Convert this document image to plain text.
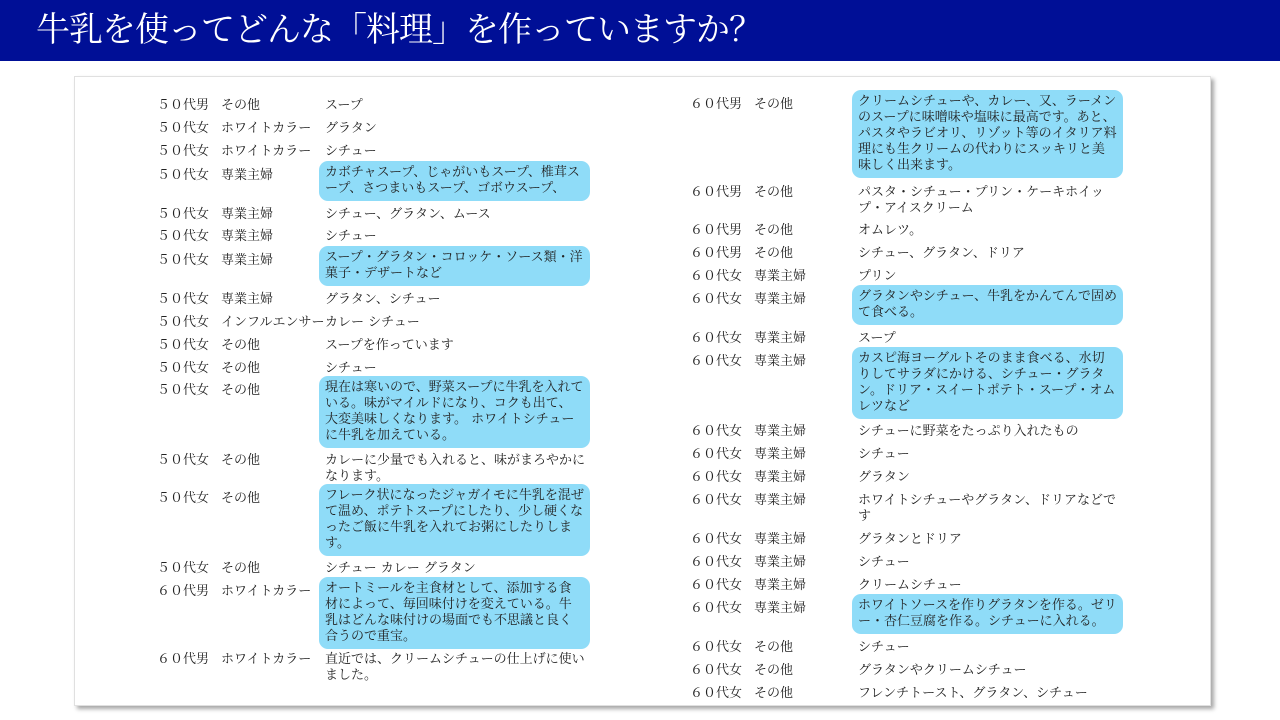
牛乳を使ってどんな「料理」を作っていますか？
５０代男 その他	スープ
５０代女 ホワイトカラー グラタン
５０代女 ホワイトカラー シチュー
５０代女 専業主婦	カボチャスープ、じゃがいもスープ、椎茸スープ、さつまいもスープ、ゴボウスープ、
５０代女 専業主婦	シチュー、グラタン、ムース
５０代女 専業主婦	シチュー
５０代女 専業主婦	スープ・グラタン・コロッケ・ソース類・洋菓子・デザートなど
５０代女 専業主婦	グラタン、シチュー
５０代女 インフルエンサー カレー シチュー
５０代女 その他	スープを作っています
５０代女 その他	シチュー
５０代女 その他	現在は寒いので、野菜スープに牛乳を入れている。味がマイルドになり、コクも出て、大変美味しくなります。 ホワイトシチューに牛乳を加えている。
５０代女 その他	カレーに少量でも入れると、味がまろやかになります。
５０代女 その他	フレーク状になったジャガイモに牛乳を混ぜて温め、ポテトスープにしたり、少し硬くなったご飯に牛乳を入れてお粥にしたりします。
５０代女 その他	シチュー カレー グラタン
６０代男 ホワイトカラー	オートミールを主食材として、添加する食材によって、毎回味付けを変えている。牛乳はどんな味付けの場面でも不思議と良く合うので重宝。
６０代男 ホワイトカラー 直近では、クリームシチューの仕上げに使いました。
６０代男 その他	クリームシチューや、カレー、又、ラーメンのスープに味噌味や塩味に最高です。あと、パスタやラビオリ、リゾット等のイタリア料理にも生クリームの代わりにスッキリと美味しく出来ます。
６０代男 その他	パスタ・シチュー・プリン・ケーキホイップ・アイスクリーム
６０代男 その他	オムレツ。
６０代男 その他	シチュー、グラタン、ドリア
６０代女 専業主婦	プリン
６０代女 専業主婦	グラタンやシチュー、牛乳をかんてんで固めて食べる。
６０代女 専業主婦	スープ
６０代女 専業主婦	カスピ海ヨーグルトそのまま食べる、水切りしてサラダにかける、シチュー・グラタン。ドリア・スイートポテト・スープ・オムレツなど
６０代女 専業主婦	シチューに野菜をたっぷり入れたもの
６０代女 専業主婦	シチュー
６０代女 専業主婦	グラタン
６０代女 専業主婦	ホワイトシチューやグラタン、ドリアなどです
６０代女 専業主婦	グラタンとドリア
６０代女 専業主婦	シチュー
６０代女 専業主婦	クリームシチュー
６０代女 専業主婦	ホワイトソースを作りグラタンを作る。ゼリー・杏仁豆腐を作る。シチューに入れる。
６０代女 その他	シチュー
６０代女 その他	グラタンやクリームシチュー
６０代女 その他	フレンチトースト、グラタン、シチュー
